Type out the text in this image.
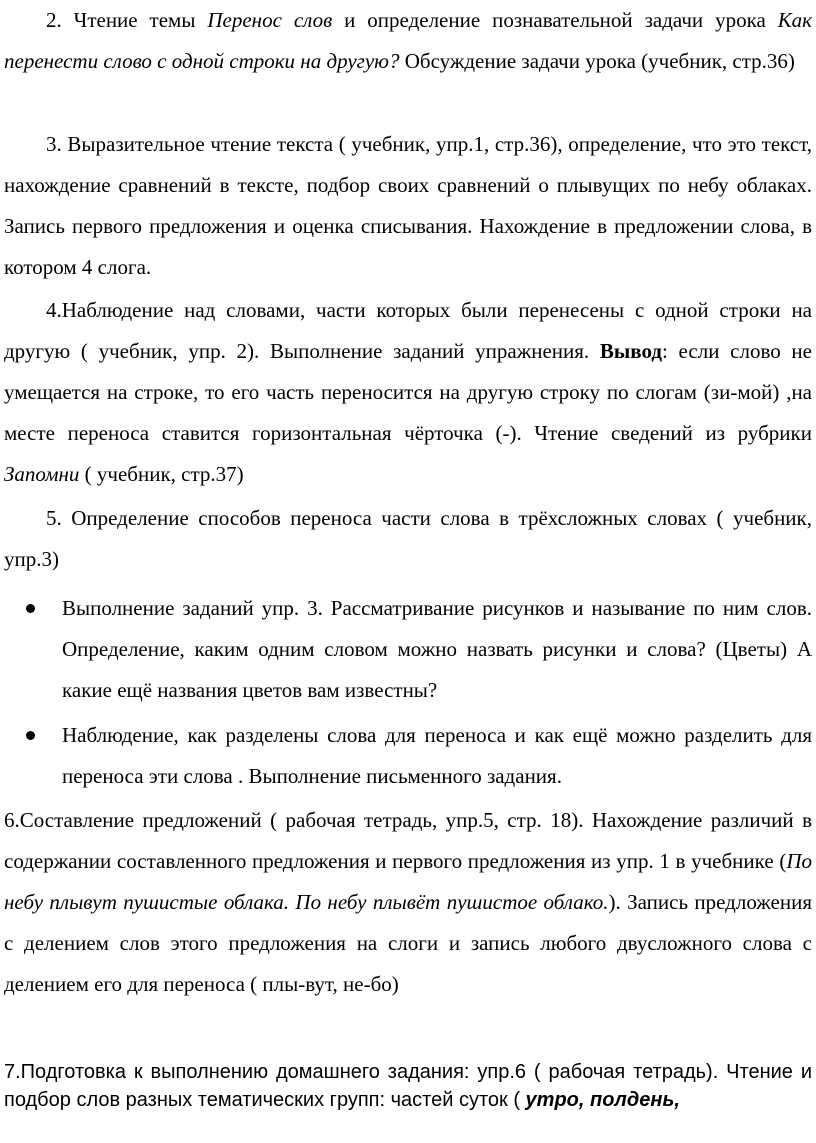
2. Чтение темы Перенос слов и определение познавательной задачи урока Как перенести слово с одной строки на другую? Обсуждение задачи урока (учебник, стр.36)

3. Выразительное чтение текста ( учебник, упр.1, стр.36), определение, что это текст, нахождение сравнений в тексте, подбор своих сравнений о плывущих по небу облаках. Запись первого предложения и оценка списывания. Нахождение в предложении слова, в котором 4 слога.

4.Наблюдение над словами, части которых были перенесены с одной строки на другую ( учебник, упр. 2). Выполнение заданий упражнения. Вывод: если слово не умещается на строке, то его часть переносится на другую строку по слогам (зи-мой) ,на месте переноса ставится горизонтальная чёрточка (-). Чтение сведений из рубрики Запомни ( учебник, стр.37)

5. Определение способов переноса части слова в трёхсложных словах ( учебник, упр.3)

Выполнение заданий упр. 3. Рассматривание рисунков и называние по ним слов. Определение, каким одним словом можно назвать рисунки и слова? (Цветы) А какие ещё названия цветов вам известны?
Наблюдение, как разделены слова для переноса и как ещё можно разделить для переноса эти слова . Выполнение письменного задания.

6.Составление предложений ( рабочая тетрадь, упр.5, стр. 18). Нахождение различий в содержании составленного предложения и первого предложения из упр. 1 в учебнике (По небу плывут пушистые облака. По небу плывёт пушистое облако.). Запись предложения с делением слов этого предложения на слоги и запись любого двусложного слова с делением его для переноса ( плы-вут, не-бо)

7.Подготовка к выполнению домашнего задания: упр.6 ( рабочая тетрадь). Чтение и подбор слов разных тематических групп: частей суток ( утро, полдень,
